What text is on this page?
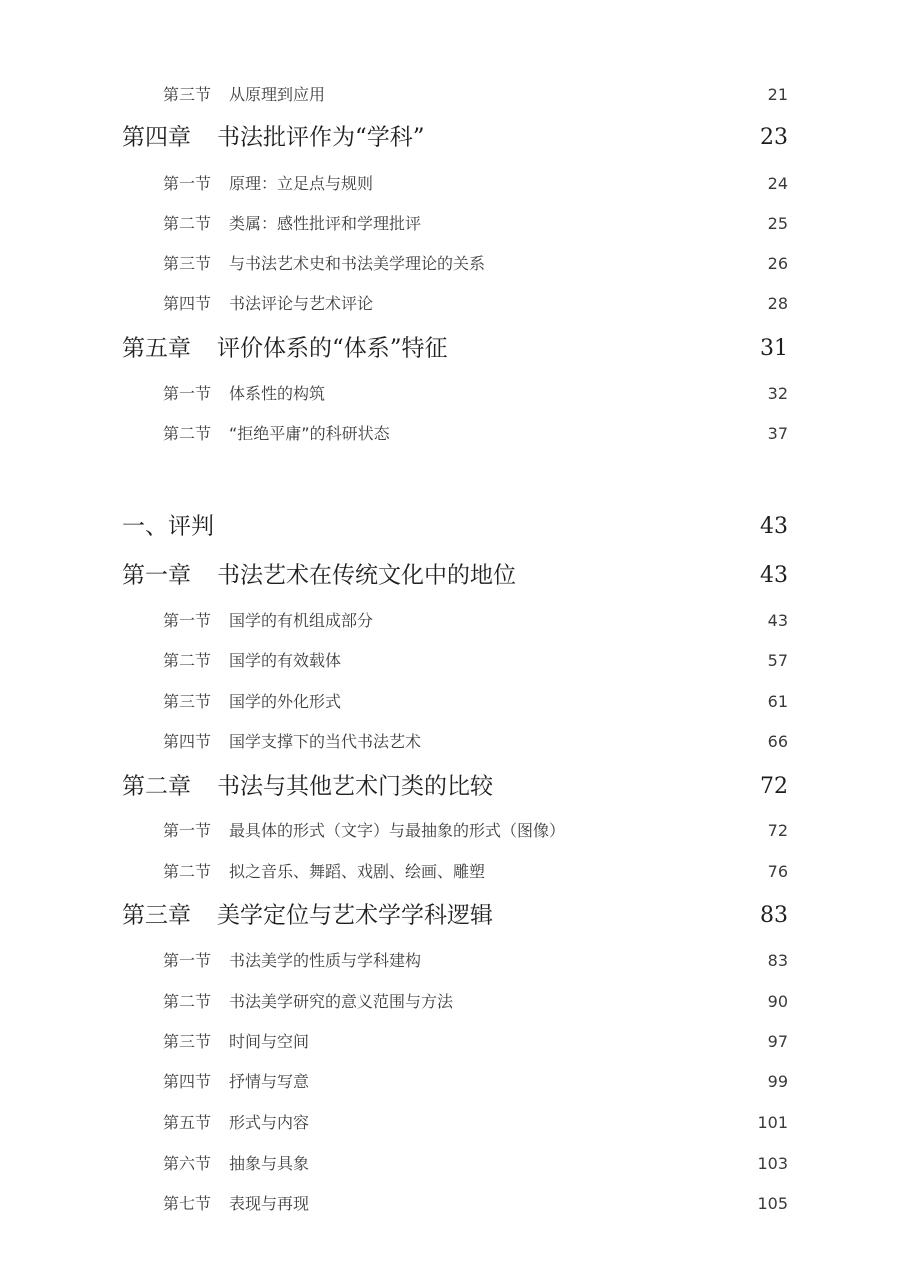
第三节 从原理到应用	21
第四章 书法批评作为“学科”	23
第一节 原理：立足点与规则	24
第二节 类属：感性批评和学理批评	25
第三节 与书法艺术史和书法美学理论的关系	26
第四节 书法评论与艺术评论	28
第五章 评价体系的“体系”特征	31
第一节 体系性的构筑	32
第二节 “拒绝平庸”的科研状态	37
一、评判	43
第一章 书法艺术在传统文化中的地位	43
第一节 国学的有机组成部分	43
第二节 国学的有效载体	57
第三节 国学的外化形式	61
第四节 国学支撑下的当代书法艺术	66
第二章 书法与其他艺术门类的比较	72
第一节 最具体的形式（文字）与最抽象的形式（图像）	72
第二节 拟之音乐、舞蹈、戏剧、绘画、雕塑	76
第三章 美学定位与艺术学学科逻辑	83
第一节 书法美学的性质与学科建构	83
第二节 书法美学研究的意义范围与方法	90
第三节 时间与空间	97
第四节 抒情与写意	99
第五节 形式与内容	101
第六节 抽象与具象	103
第七节 表现与再现	105
